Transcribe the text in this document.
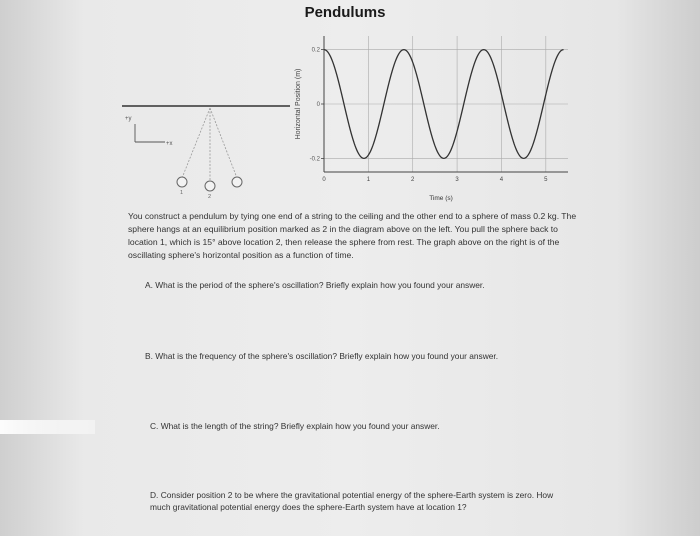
Pendulums
+y
+x
1
2
0.2
0
-0.2
0	1	2	3	4	5
Horizontal Position (m)
Time (s)
You construct a pendulum by tying one end of a string to the ceiling and the other end to a sphere of mass 0.2 kg. The sphere hangs at an equilibrium position marked as 2 in the diagram above on the left. You pull the sphere back to location 1, which is 15° above location 2, then release the sphere from rest. The graph above on the right is of the oscillating sphere's horizontal position as a function of time.
A. What is the period of the sphere's oscillation? Briefly explain how you found your answer.
B. What is the frequency of the sphere's oscillation? Briefly explain how you found your answer.
C. What is the length of the string? Briefly explain how you found your answer.
D. Consider position 2 to be where the gravitational potential energy of the sphere-Earth system is zero. How much gravitational potential energy does the sphere-Earth system have at location 1?
